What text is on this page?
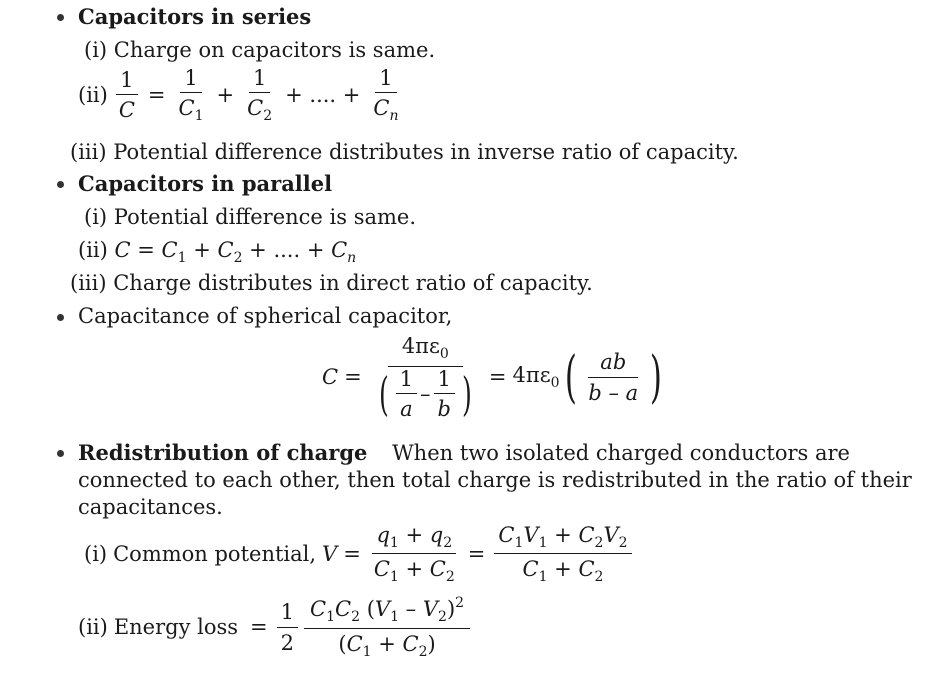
Capacitors in series
(i) Charge on capacitors is same.
$(ii) \frac{1}{C} = \frac{1}{C_1} + \frac{1}{C_2}$ + .... + $\frac{1}{C_n}$
(iii) Potential difference distributes in inverse ratio of capacity.
Capacitors in parallel
(i) Potential difference is same.
(ii) $C = C_1 + C_2$ + .... + $C_n$
(iii) Charge distributes in direct ratio of capacity.
Capacitance of spherical capacitor,
$C = \frac{4\pi\varepsilon_0}{( \frac{1}{a} - \frac{1}{b} )} = 4\pi\varepsilon_0$ ( $\frac{ab}{b - a}$ )
Redistribution of charge When two isolated charged conductors are
connected to each other, then total charge is redistributed in the ratio of their
capacitances.
(i) Common potential, $V = \frac{q_1 + q_2}{C_1 + C_2} = \frac{C_1V_1 + C_2V_2}{C_1 + C_2}$
(ii) Energy loss = $\frac{1}{2} \frac{C_1C_2 (V_1 - V_2)^2}{(C_1 + C_2)}$
